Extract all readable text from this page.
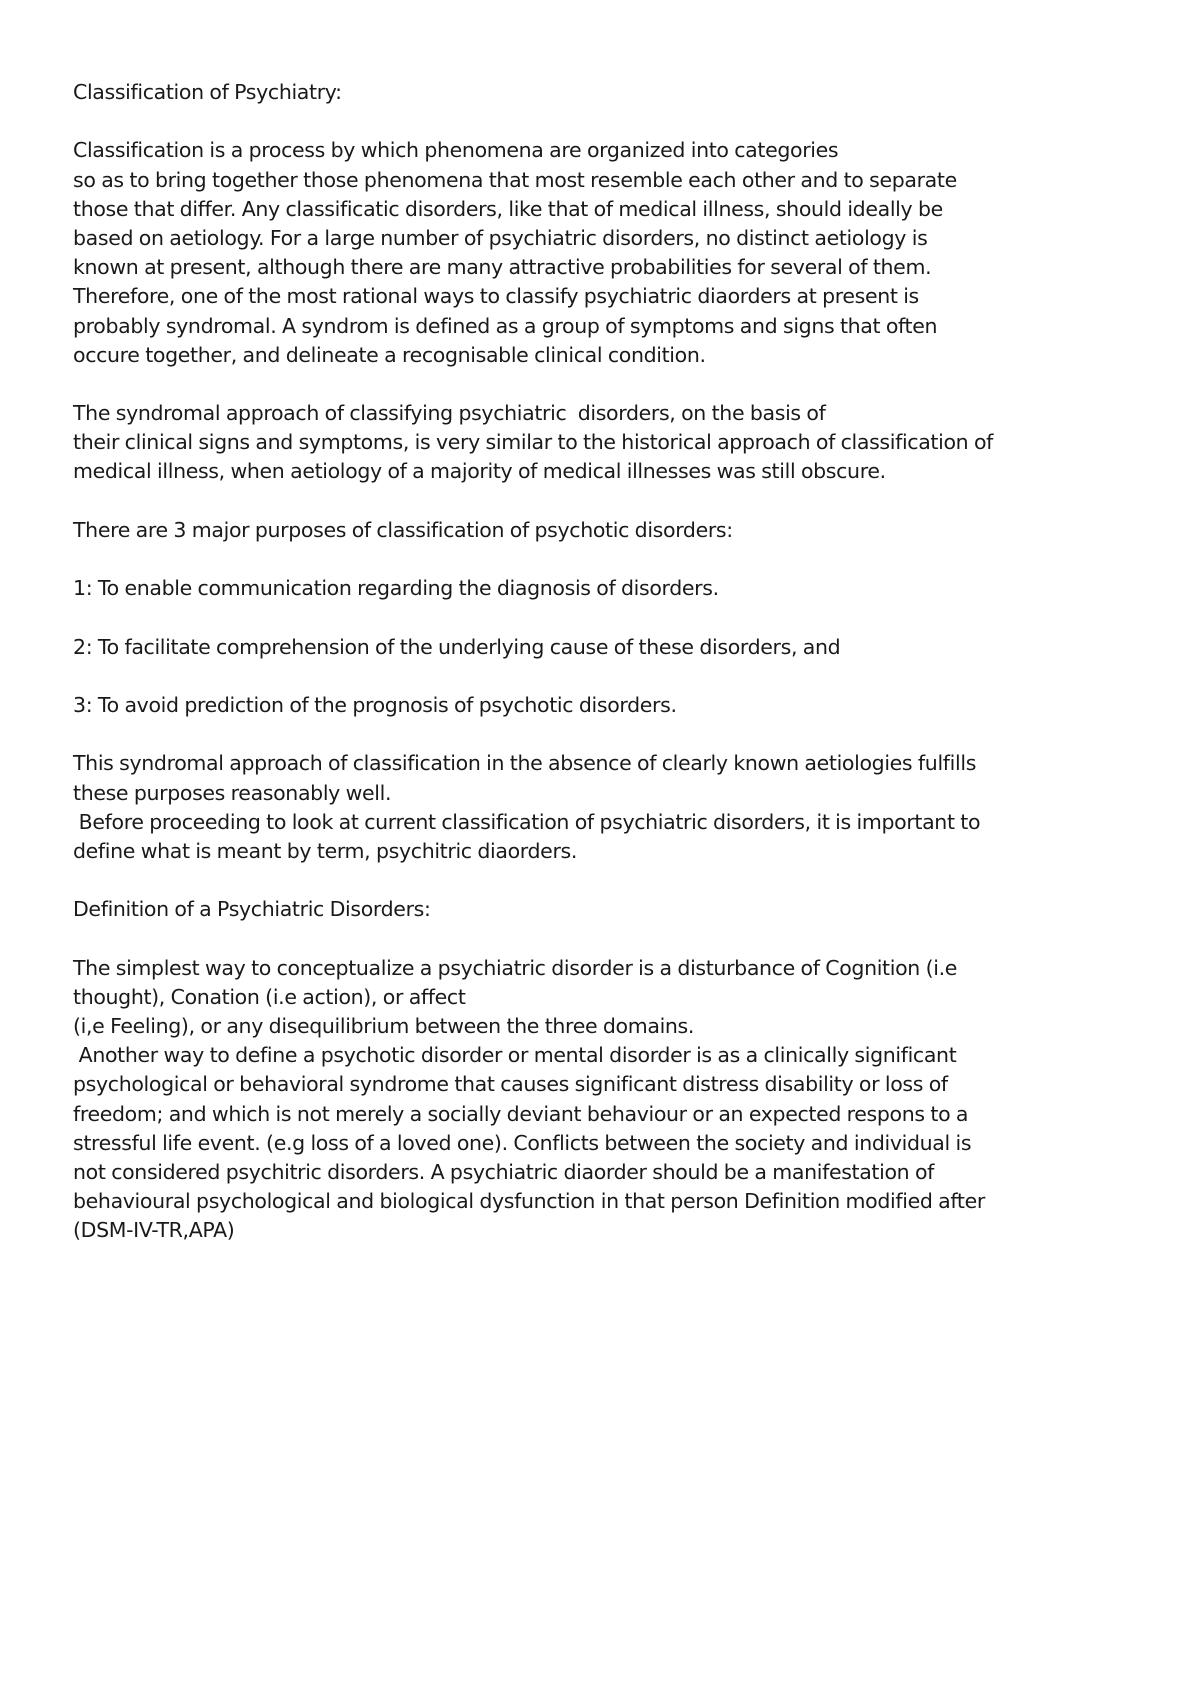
Classification of Psychiatry:
Classification is a process by which phenomena are organized into categories
so as to bring together those phenomena that most resemble each other and to separate
those that differ. Any classificatic disorders, like that of medical illness, should ideally be
based on aetiology. For a large number of psychiatric disorders, no distinct aetiology is
known at present, although there are many attractive probabilities for several of them.
Therefore, one of the most rational ways to classify psychiatric diaorders at present is
probably syndromal. A syndrom is defined as a group of symptoms and signs that often
occure together, and delineate a recognisable clinical condition.
The syndromal approach of classifying psychiatric  disorders, on the basis of
their clinical signs and symptoms, is very similar to the historical approach of classification of
medical illness, when aetiology of a majority of medical illnesses was still obscure.
There are 3 major purposes of classification of psychotic disorders:
1: To enable communication regarding the diagnosis of disorders.
2: To facilitate comprehension of the underlying cause of these disorders, and
3: To avoid prediction of the prognosis of psychotic disorders.
This syndromal approach of classification in the absence of clearly known aetiologies fulfills
these purposes reasonably well.
Before proceeding to look at current classification of psychiatric disorders, it is important to
define what is meant by term, psychitric diaorders.
Definition of a Psychiatric Disorders:
The simplest way to conceptualize a psychiatric disorder is a disturbance of Cognition (i.e
thought), Conation (i.e action), or affect
(i,e Feeling), or any disequilibrium between the three domains.
Another way to define a psychotic disorder or mental disorder is as a clinically significant
psychological or behavioral syndrome that causes significant distress disability or loss of
freedom; and which is not merely a socially deviant behaviour or an expected respons to a
stressful life event. (e.g loss of a loved one). Conflicts between the society and individual is
not considered psychitric disorders. A psychiatric diaorder should be a manifestation of
behavioural psychological and biological dysfunction in that person Definition modified after
(DSM-IV-TR,APA)
